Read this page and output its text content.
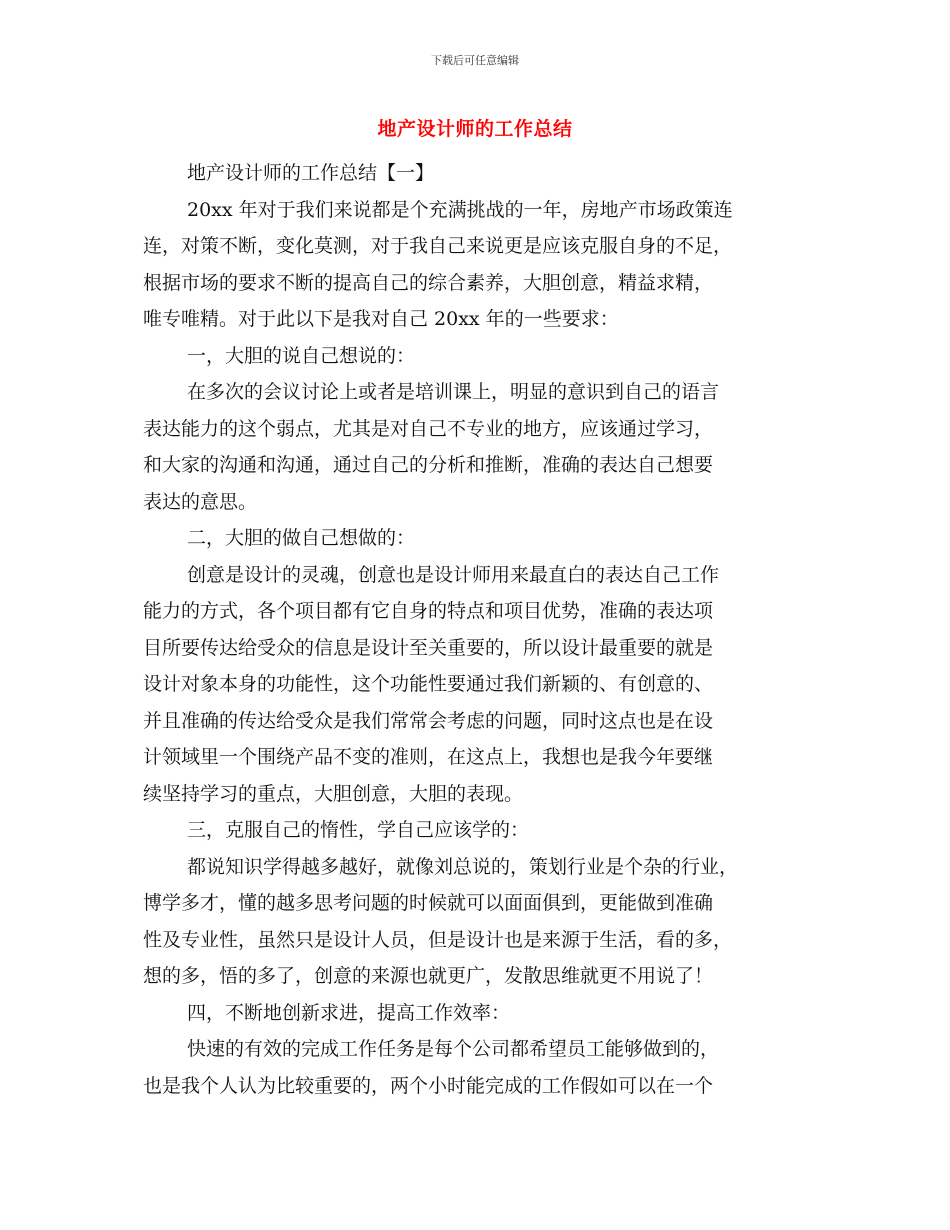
下载后可任意编辑
地产设计师的工作总结
地产设计师的工作总结【一】
20xx 年对于我们来说都是个充满挑战的一年，房地产市场政策连
连，对策不断，变化莫测，对于我自己来说更是应该克服自身的不足，
根据市场的要求不断的提高自己的综合素养，大胆创意，精益求精，
唯专唯精。对于此以下是我对自己 20xx 年的一些要求：
一，大胆的说自己想说的：
在多次的会议讨论上或者是培训课上，明显的意识到自己的语言
表达能力的这个弱点，尤其是对自己不专业的地方，应该通过学习，
和大家的沟通和沟通，通过自己的分析和推断，准确的表达自己想要
表达的意思。
二，大胆的做自己想做的：
创意是设计的灵魂，创意也是设计师用来最直白的表达自己工作
能力的方式，各个项目都有它自身的特点和项目优势，准确的表达项
目所要传达给受众的信息是设计至关重要的，所以设计最重要的就是
设计对象本身的功能性，这个功能性要通过我们新颖的、有创意的、
并且准确的传达给受众是我们常常会考虑的问题，同时这点也是在设
计领域里一个围绕产品不变的准则，在这点上，我想也是我今年要继
续坚持学习的重点，大胆创意，大胆的表现。
三，克服自己的惰性，学自己应该学的：
都说知识学得越多越好，就像刘总说的，策划行业是个杂的行业，
博学多才，懂的越多思考问题的时候就可以面面俱到，更能做到准确
性及专业性，虽然只是设计人员，但是设计也是来源于生活，看的多，
想的多，悟的多了，创意的来源也就更广，发散思维就更不用说了！
四，不断地创新求进，提高工作效率：
快速的有效的完成工作任务是每个公司都希望员工能够做到的，
也是我个人认为比较重要的，两个小时能完成的工作假如可以在一个
